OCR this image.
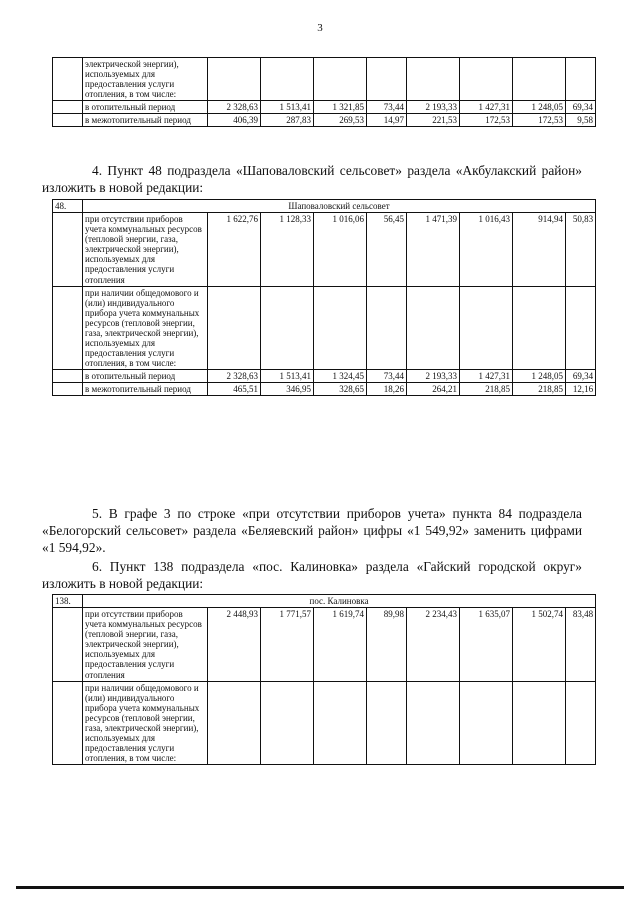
3
	электрической энергии), используемых для предоставления услуги отопления, в том числе:								
	в отопительный период	2 328,63	1 513,41	1 321,85	73,44	2 193,33	1 427,31	1 248,05	69,34
	в межотопительный период	406,39	287,83	269,53	14,97	221,53	172,53	172,53	9,58
4. Пункт 48 подраздела «Шаповаловский сельсовет» раздела «Акбулакский район» изложить в новой редакции:
48.	Шаповаловский сельсовет								
	при отсутствии приборов учета коммунальных ресурсов (тепловой энергии, газа, электрической энергии), используемых для предоставления услуги отопления	1 622,76	1 128,33	1 016,06	56,45	1 471,39	1 016,43	914,94	50,83
	при наличии общедомового и (или) индивидуального прибора учета коммунальных ресурсов (тепловой энергии, газа, электрической энергии), используемых для предоставления услуги отопления, в том числе:								
	в отопительный период	2 328,63	1 513,41	1 324,45	73,44	2 193,33	1 427,31	1 248,05	69,34
	в межотопительный период	465,51	346,95	328,65	18,26	264,21	218,85	218,85	12,16
5. В графе 3 по строке «при отсутствии приборов учета» пункта 84 подраздела «Белогорский сельсовет» раздела «Беляевский район» цифры «1 549,92» заменить цифрами «1 594,92».
6. Пункт 138 подраздела «пос. Калиновка» раздела «Гайский городской округ» изложить в новой редакции:
138.	пос. Калиновка								
	при отсутствии приборов учета коммунальных ресурсов (тепловой энергии, газа, электрической энергии), используемых для предоставления услуги отопления	2 448,93	1 771,57	1 619,74	89,98	2 234,43	1 635,07	1 502,74	83,48
	при наличии общедомового и (или) индивидуального прибора учета коммунальных ресурсов (тепловой энергии, газа, электрической энергии), используемых для предоставления услуги отопления, в том числе:								
